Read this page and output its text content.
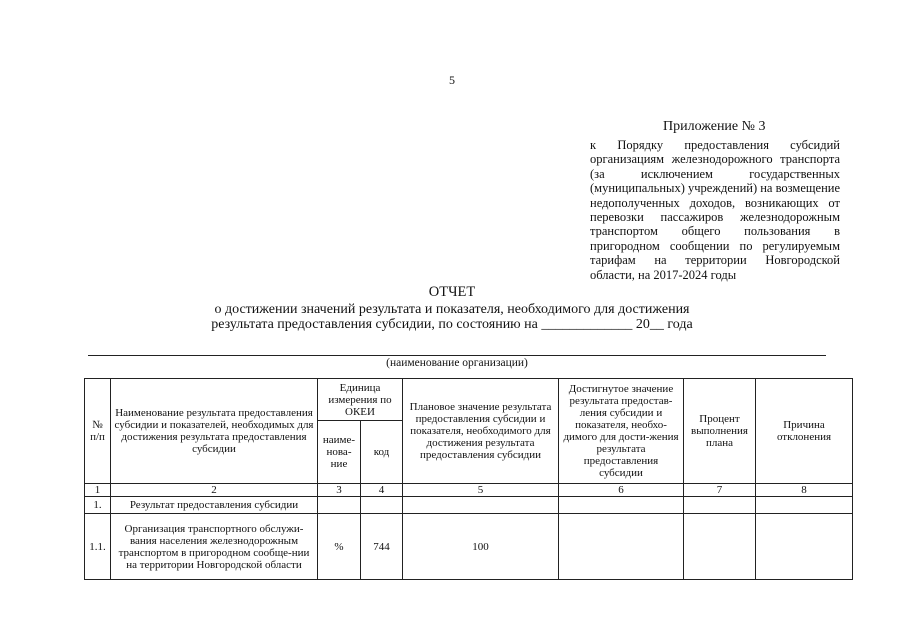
5
Приложение № 3
к Порядку предоставления субсидий организациям железнодорожного транспорта (за исключением государственных (муниципальных) учреждений) на возмещение недополученных доходов, возникающих от перевозки пассажиров железнодорожным транспортом общего пользования в пригородном сообщении по регулируемым тарифам на территории Новгородской области, на 2017-2024 годы
ОТЧЕТ
о достижении значений результата и показателя, необходимого для достижения
результата предоставления субсидии, по состоянию на _____________ 20__ года
(наименование организации)
№ п/п	Наименование результата предоставления субсидии и показателей, необходимых для достижения результата предоставления субсидии	Единица измерения по ОКЕИ		Плановое значение результата предоставления субсидии и показателя, необходимого для достижения результата предоставления субсидии	Достигнутое значение результата предостав-ления субсидии и показателя, необхо-димого для дости-жения результата предоставления субсидии	Процент выполнения плана	Причина отклонения
		наиме-нова-ние	код				
1	2	3	4	5	6	7	8
1.	Результат предоставления субсидии						
1.1.	Организация транспортного обслужи-вания населения железнодорожным транспортом в пригородном сообще-нии на территории Новгородской области	%	744	100			
